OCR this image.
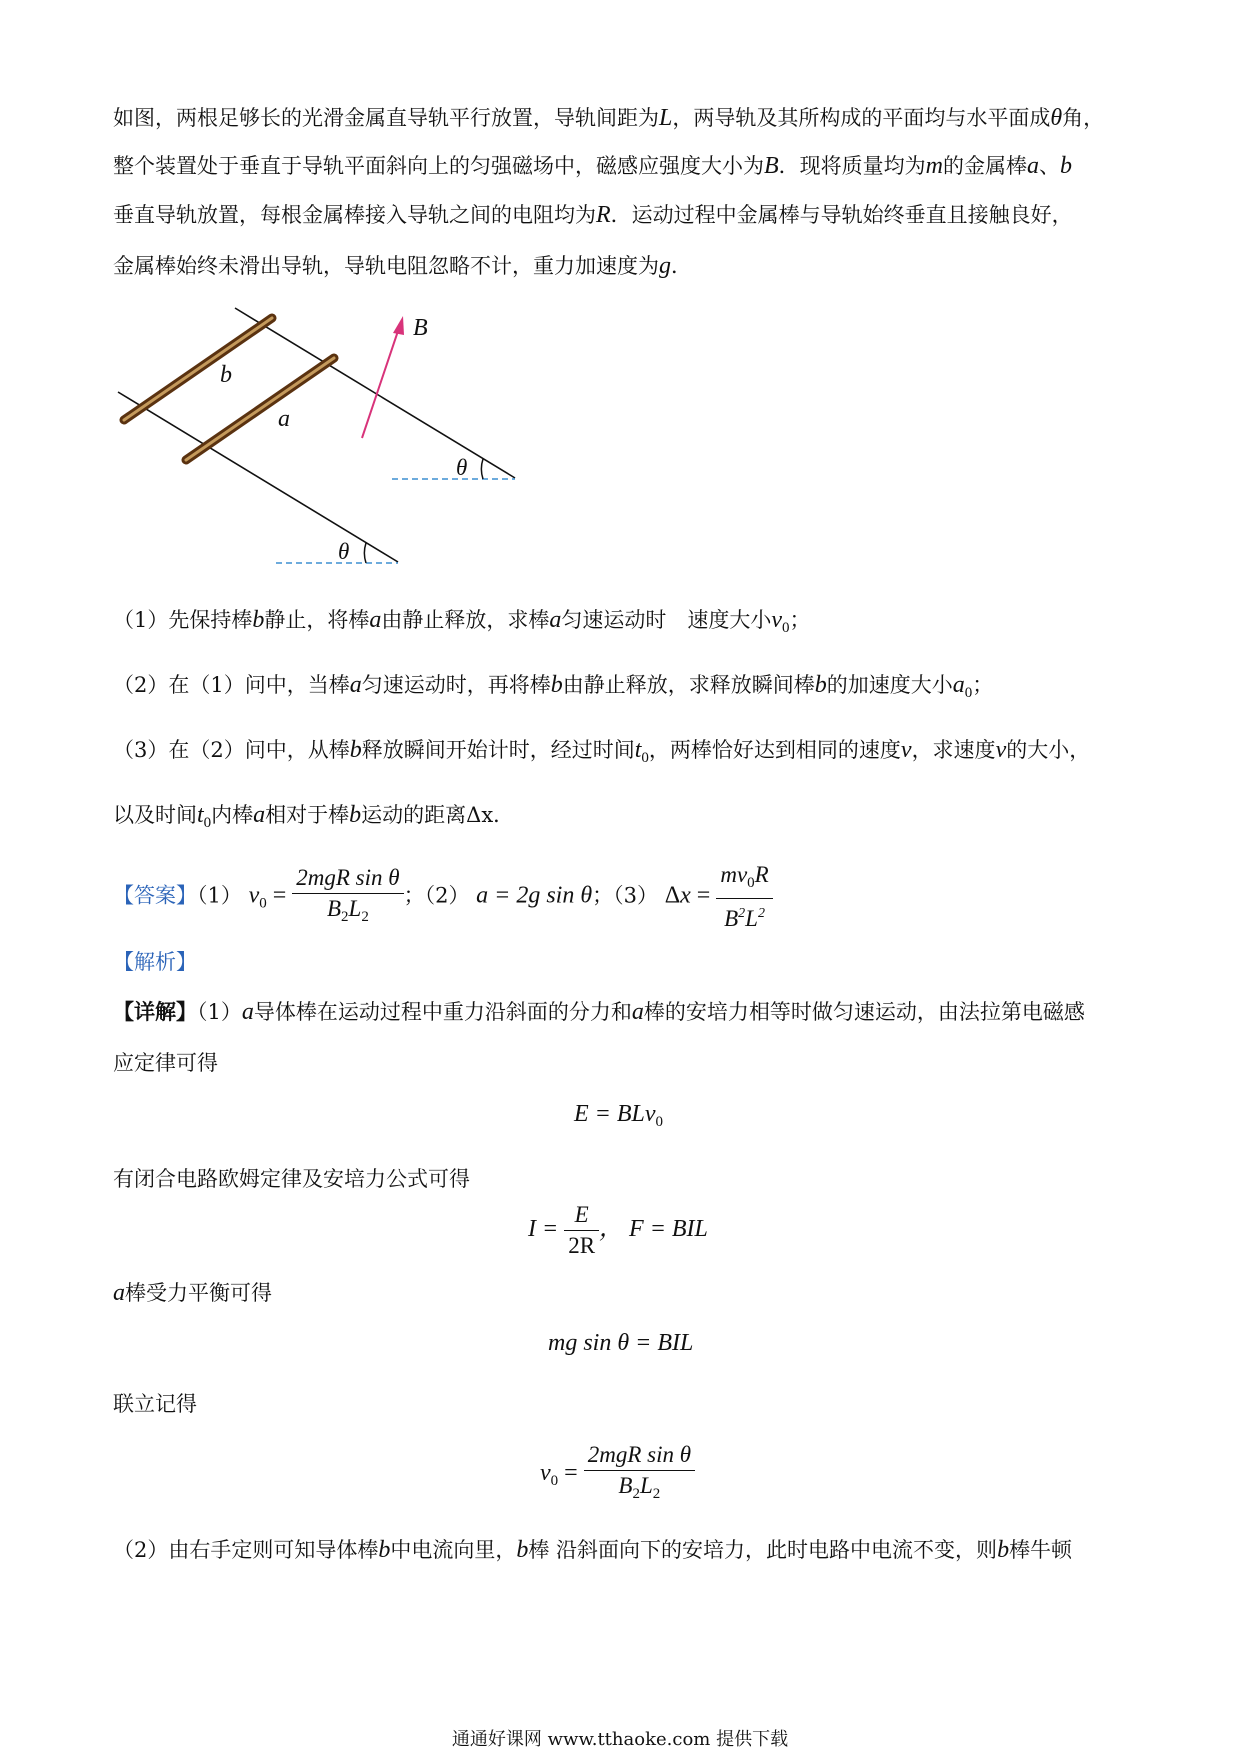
如图，两根足够长的光滑金属直导轨平行放置，导轨间距为L，两导轨及其所构成的平面均与水平面成θ角，
整个装置处于垂直于导轨平面斜向上的匀强磁场中，磁感应强度大小为B．现将质量均为m的金属棒a、b
垂直导轨放置，每根金属棒接入导轨之间的电阻均为R．运动过程中金属棒与导轨始终垂直且接触良好，
金属棒始终未滑出导轨，导轨电阻忽略不计，重力加速度为g．
B
b
a
θ
θ
（1）先保持棒b静止，将棒a由静止释放，求棒a匀速运动时　速度大小$v_0$；
（2）在（1）问中，当棒a匀速运动时，再将棒b由静止释放，求释放瞬间棒b的加速度大小$a_0$；
（3）在（2）问中，从棒b释放瞬间开始计时，经过时间$t_0$，两棒恰好达到相同的速度v，求速度v的大小，
以及时间$t_0$内棒a相对于棒b运动的距离Δx．
【答案】（1） $v_0 = \frac{\text{2mgR sin θ}}{B_2L_2}$ ；（2） a = 2g sin θ；（3） $\Delta x = \frac{mv_0R}{B^2L^2}$
【解析】
【详解】（1）a导体棒在运动过程中重力沿斜面的分力和a棒的安培力相等时做匀速运动，由法拉第电磁感
应定律可得
E = BLv$_0$
有闭合电路欧姆定律及安培力公式可得
$I = \frac{E}{2R}$ ， F = BIL
a棒受力平衡可得
mg sin θ = BIL
联立记得
$v_0 = \frac{\text{2mgR sin θ}}{B_2L_2}$
（2）由右手定则可知导体棒b中电流向里，b棒 沿斜面向下的安培力，此时电路中电流不变，则b棒牛顿
通通好课网 www.tthaoke.com 提供下载
